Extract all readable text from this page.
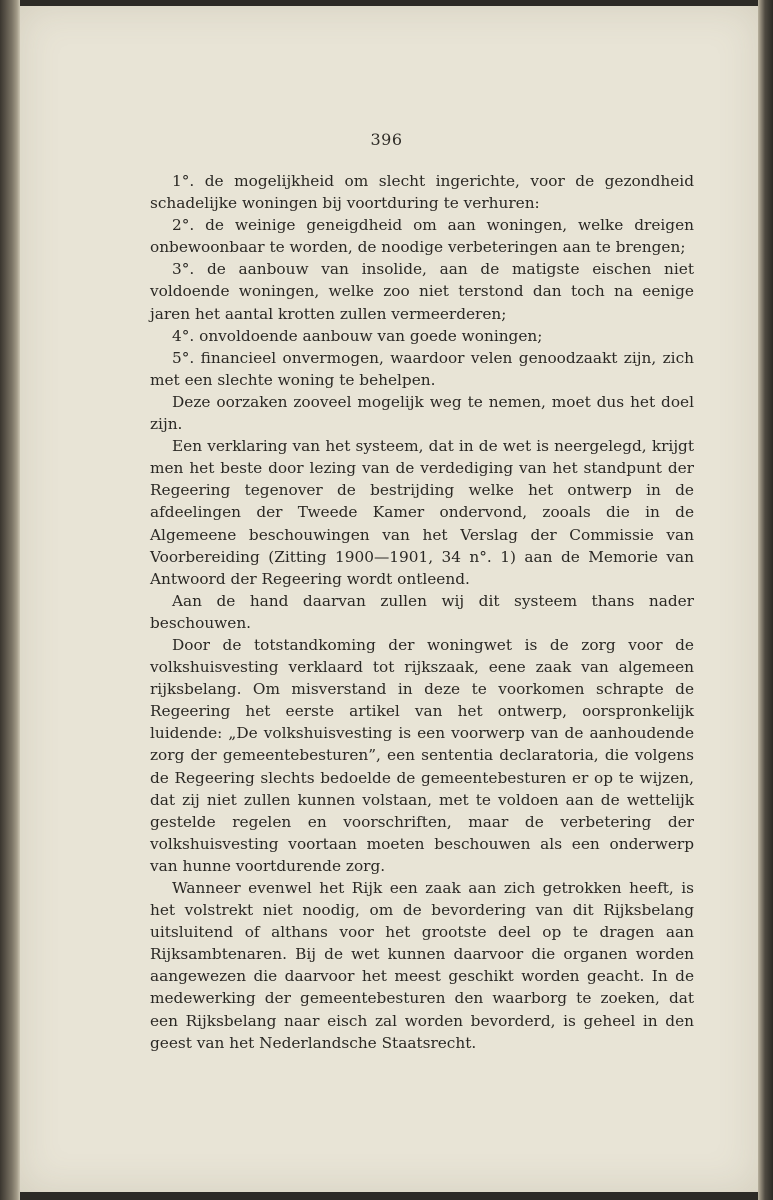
396

1°. de mogelijkheid om slecht ingerichte, voor de gezondheid schadelijke woningen bij voortduring te verhuren:

2°. de weinige geneigdheid om aan woningen, welke dreigen onbewoonbaar te worden, de noodige verbeteringen aan te brengen;

3°. de aanbouw van insolide, aan de matigste eischen niet voldoende woningen, welke zoo niet terstond dan toch na eenige jaren het aantal krotten zullen vermeerderen;

4°. onvoldoende aanbouw van goede woningen;

5°. financieel onvermogen, waardoor velen genoodzaakt zijn, zich met een slechte woning te behelpen.

Deze oorzaken zooveel mogelijk weg te nemen, moet dus het doel zijn.

Een verklaring van het systeem, dat in de wet is neergelegd, krijgt men het beste door lezing van de verdediging van het standpunt der Regeering tegenover de bestrijding welke het ontwerp in de afdeelingen der Tweede Kamer ondervond, zooals die in de Algemeene beschouwingen van het Verslag der Commissie van Voorbereiding (Zitting 1900—1901, 34 n°. 1) aan de Memorie van Antwoord der Regeering wordt ontleend.

Aan de hand daarvan zullen wij dit systeem thans nader beschouwen.

Door de totstandkoming der woningwet is de zorg voor de volkshuisvesting verklaard tot rijkszaak, eene zaak van algemeen rijksbelang. Om misverstand in deze te voorkomen schrapte de Regeering het eerste artikel van het ontwerp, oorspronkelijk luidende: „De volkshuisvesting is een voorwerp van de aanhoudende zorg der gemeentebesturen”, een sententia declaratoria, die volgens de Regeering slechts bedoelde de gemeentebesturen er op te wijzen, dat zij niet zullen kunnen volstaan, met te voldoen aan de wettelijk gestelde regelen en voorschriften, maar de verbetering der volkshuisvesting voortaan moeten beschouwen als een onderwerp van hunne voortdurende zorg.

Wanneer evenwel het Rijk een zaak aan zich getrokken heeft, is het volstrekt niet noodig, om de bevordering van dit Rijksbelang uitsluitend of althans voor het grootste deel op te dragen aan Rijksambtenaren. Bij de wet kunnen daarvoor die organen worden aangewezen die daarvoor het meest geschikt worden geacht. In de medewerking der gemeentebesturen den waarborg te zoeken, dat een Rijksbelang naar eisch zal worden bevorderd, is geheel in den geest van het Nederlandsche Staatsrecht.
